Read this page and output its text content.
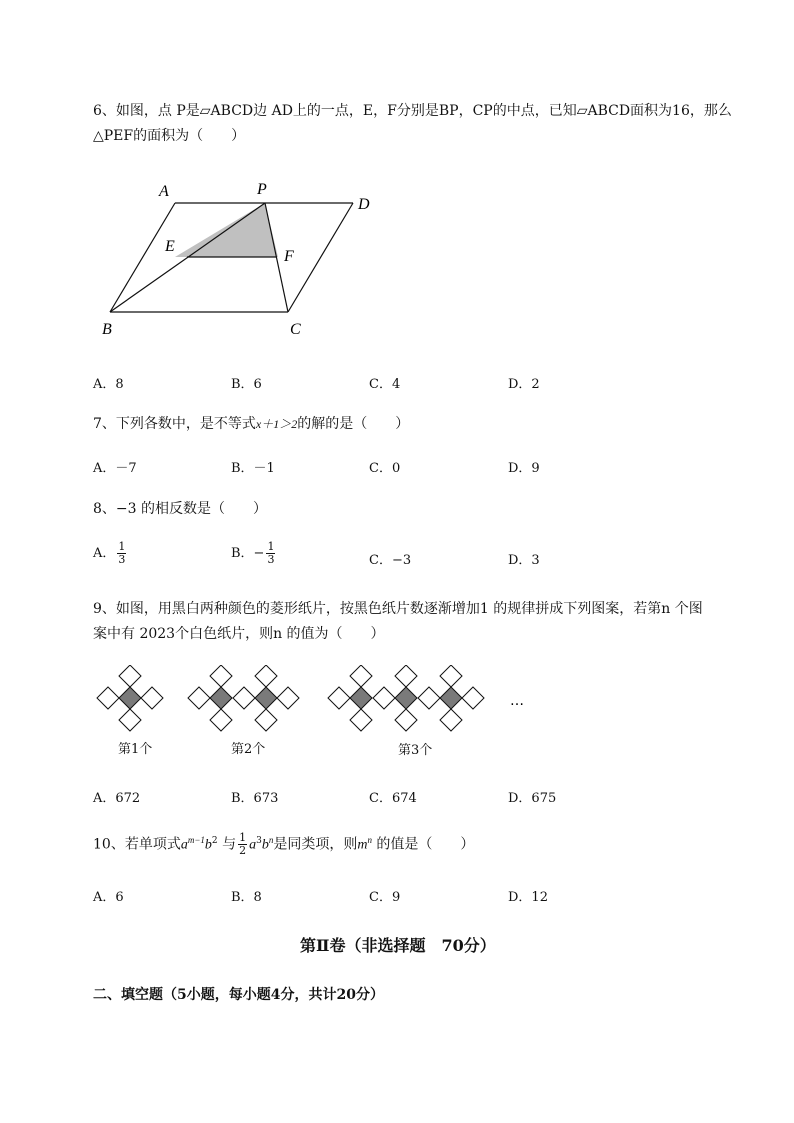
6、如图，点 P是▱ABCD边 AD上的一点，E，F分别是BP，CP的中点，已知▱ABCD面积为16，那么
△PEF的面积为（　　）
A	P
D
E
F
B	C
A．8	B．6	C．4	D．2
7、下列各数中，是不等式x＋1＞2的解的是（　　）
A．－7	B．－1	C．0	D．9
8、−3 的相反数是（　　）
A． $\frac{1}{3}$	B．− $\frac{1}{3}$	C．−3	D．3
9、如图，用黑白两种颜色的菱形纸片，按黑色纸片数逐渐增加1 的规律拼成下列图案，若第n 个图
案中有 2023个白色纸片，则n 的值为（　　）
…
第1个	第2个	第3个
A．672	B．673	C．674	D．675
10、若单项式$a^{m-1}b^2$ 与 $\frac{1}{2} a^3b^n$是同类项，则$m^n$ 的值是（　　）
A．6	B．8	C．9	D．12
第Ⅱ卷（非选择题　70分）
二、填空题（5小题，每小题4分，共计20分）
